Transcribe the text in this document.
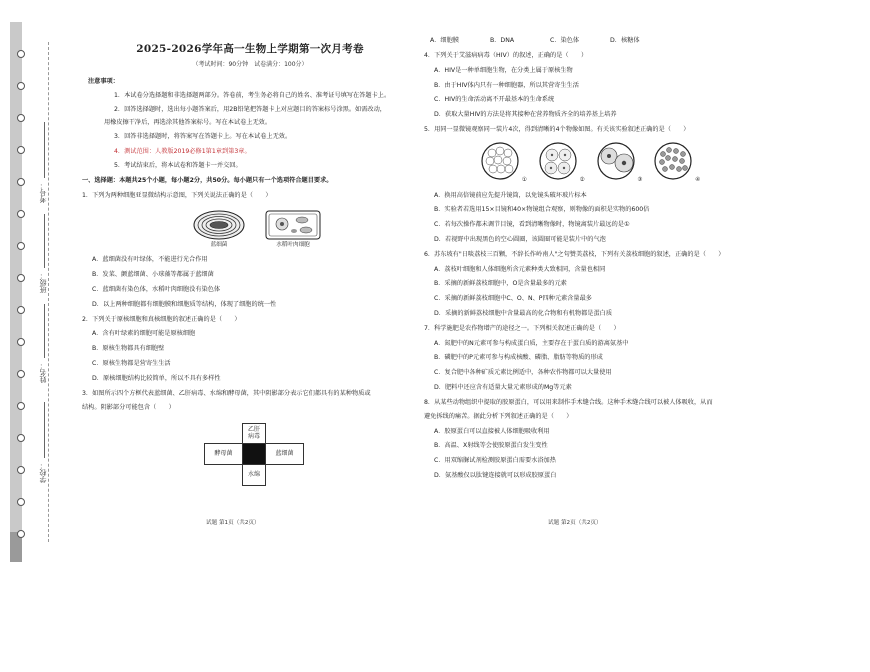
学校：
姓名：
班级：
考号：
2025-2026学年高一生物上学期第一次月考卷
（考试时间：90分钟　试卷满分：100分）
注意事项：
1．本试卷分选择题和非选择题两部分。答卷前，考生务必将自己的姓名、准考证号填写在答题卡上。
2．回答选择题时，选出每小题答案后，用2B铅笔把答题卡上对应题目的答案标号涂黑。如需改动，
用橡皮擦干净后，再选涂其他答案标号。写在本试卷上无效。
3．回答非选择题时，将答案写在答题卡上。写在本试卷上无效。
4．测试范围：人教版2019必修1第1章到第3章。
5．考试结束后，将本试卷和答题卡一并交回。
一、选择题：本题共25个小题，每小题2分，共50分。每小题只有一个选项符合题目要求。
1．下列为两种细胞亚显微结构示意图，下列关说法正确的是（　　）
蓝细菌	水稻叶肉细胞
A．蓝细菌没有叶绿体，不能进行光合作用
B．发菜、颤蓝细菌、小球藻等都属于蓝细菌
C．蓝细菌有染色体，水稻叶肉细胞没有染色体
D．以上两种细胞都有细胞膜和细胞质等结构，体现了细胞的统一性
2．下列关于原核细胞和真核细胞的叙述正确的是（　　）
A．含有叶绿素的细胞可能是原核细胞
B．原核生物都具有细胞壁
C．原核生物都是营寄生生活
D．原核细胞结构比较简单，所以不具有多样性
3．如图所示四个方框代表蓝细菌、乙肝病毒、水绵和酵母菌，其中阴影部分表示它们都具有的某种物质或
结构。阴影部分可能包含（　　）
乙肝
病毒
酵母菌	蓝细菌
水绵
试题 第1页（共2页）
A．细胞膜	B．DNA	C．染色体	D．核糖体
4．下列关于艾滋病病毒（HIV）的叙述，正确的是（　　）
A．HIV是一种单细胞生物，在分类上属于原核生物
B．由于HIV体内只有一种细胞器，所以其营寄生生活
C．HIV的生命活动离不开最基本的生命系统
D．获取大量HIV的方法是将其接种在营养物质齐全的培养基上培养
5．用同一显微镜观察同一装片4次，得到清晰的4个物像如图。有关该实验叙述正确的是（　　）
①	②	③	④
A．换用高倍镜前应先提升镜筒，以免镜头破坏玻片标本
B．实验者若选用15×目镜和40×物镜组合观察，则物像的面积是实物的600倍
C．若每次操作都未调节目镜，看到清晰物像时，物镜离装片最远的是①
D．若视野中出现黑色的空心圆圈，该圆圈可能是装片中的气泡
6．苏东坡有"日啖荔枝三百颗，不辞长作岭南人"之句赞美荔枝，下列有关荔枝细胞的叙述，正确的是（　　）
A．荔枝叶细胞和人体细胞所含元素种类大致相同，含量也相同
B．采摘的新鲜荔枝细胞中，O是含量最多的元素
C．采摘的新鲜荔枝细胞中C、O、N、P四种元素含量最多
D．采摘的新鲜荔枝细胞中含量最高的化合物和有机物都是蛋白质
7．科学施肥是农作物增产的途径之一。下列相关叙述正确的是（　　）
A．氮肥中的N元素可参与构成蛋白质，主要存在于蛋白质的游离氨基中
B．磷肥中的P元素可参与构成核酸、磷脂、脂肪等物质的形成
C．复合肥中各种矿质元素比例适中，各种农作物都可以大量使用
D．肥料中还应含有适量大量元素形成的Mg等元素
8．从某些动物组织中提取的胶原蛋白，可以用来制作手术缝合线。这种手术缝合线可以被人体吸收，从而
避免拆线的痛苦。据此分析下列叙述正确的是（　　）
A．胶原蛋白可以直接被人体细胞吸收利用
B．高温、X射线等会使胶原蛋白发生变性
C．用双缩脲试剂检测胶原蛋白需要水浴加热
D．氨基酸仅以肽键连接就可以形成胶原蛋白
试题 第2页（共2页）
